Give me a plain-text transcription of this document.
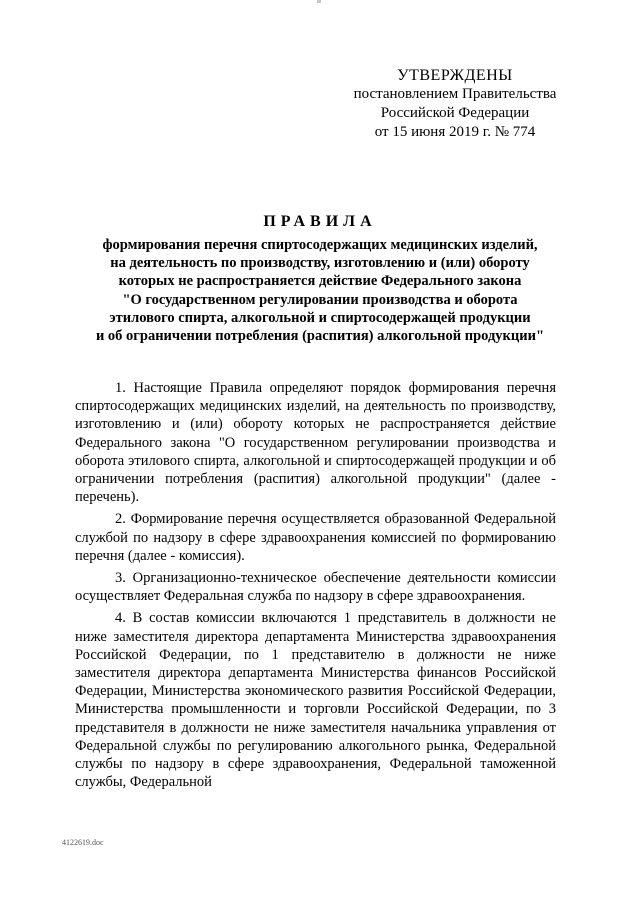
УТВЕРЖДЕНЫ
постановлением Правительства
Российской Федерации
от 15 июня 2019 г. № 774
ПРАВИЛА
формирования перечня спиртосодержащих медицинских изделий,
на деятельность по производству, изготовлению и (или) обороту
которых не распространяется действие Федерального закона
"О государственном регулировании производства и оборота
этилового спирта, алкогольной и спиртосодержащей продукции
и об ограничении потребления (распития) алкогольной продукции"

1. Настоящие Правила определяют порядок формирования перечня спиртосодержащих медицинских изделий, на деятельность по производству, изготовлению и (или) обороту которых не распространяется действие Федерального закона "О государственном регулировании производства и оборота этилового спирта, алкогольной и спиртосодержащей продукции и об ограничении потребления (распития) алкогольной продукции" (далее - перечень).

2. Формирование перечня осуществляется образованной Федеральной службой по надзору в сфере здравоохранения комиссией по формированию перечня (далее - комиссия).

3. Организационно-техническое обеспечение деятельности комиссии осуществляет Федеральная служба по надзору в сфере здравоохранения.

4. В состав комиссии включаются 1 представитель в должности не ниже заместителя директора департамента Министерства здравоохранения Российской Федерации, по 1 представителю в должности не ниже заместителя директора департамента Министерства финансов Российской Федерации, Министерства экономического развития Российской Федерации, Министерства промышленности и торговли Российской Федерации, по 3 представителя в должности не ниже заместителя начальника управления от Федеральной службы по регулированию алкогольного рынка, Федеральной службы по надзору в сфере здравоохранения, Федеральной таможенной службы, Федеральной

4122619.doc
